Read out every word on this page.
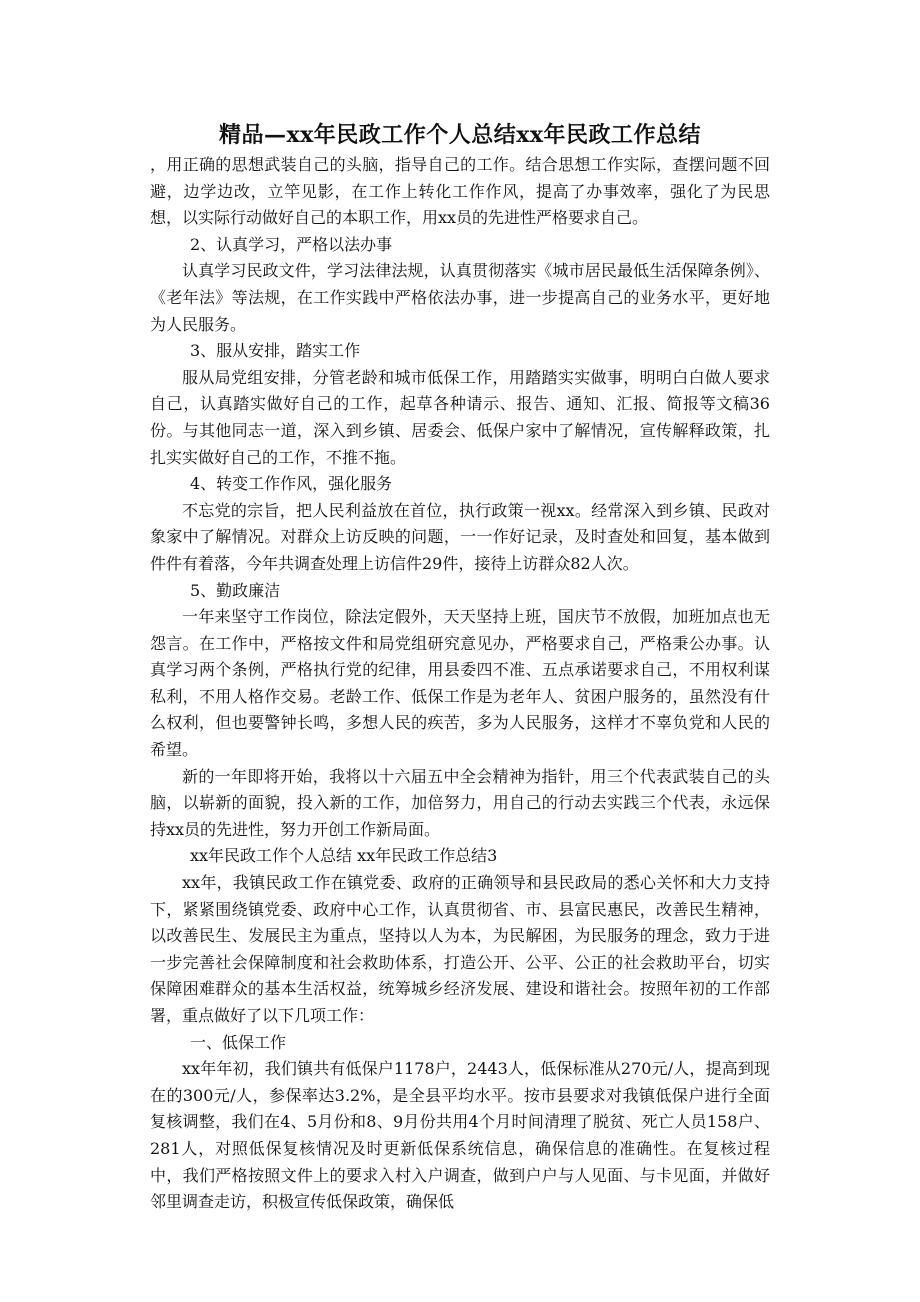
精品—xx年民政工作个人总结xx年民政工作总结

，用正确的思想武装自己的头脑，指导自己的工作。结合思想工作实际，查摆问题不回避，边学边改，立竿见影，在工作上转化工作作风，提高了办事效率，强化了为民思想，以实际行动做好自己的本职工作，用xx员的先进性严格要求自己。

2、认真学习，严格以法办事

认真学习民政文件，学习法律法规，认真贯彻落实《城市居民最低生活保障条例》、《老年法》等法规，在工作实践中严格依法办事，进一步提高自己的业务水平，更好地为人民服务。

3、服从安排，踏实工作

服从局党组安排，分管老龄和城市低保工作，用踏踏实实做事，明明白白做人要求自己，认真踏实做好自己的工作，起草各种请示、报告、通知、汇报、简报等文稿36份。与其他同志一道，深入到乡镇、居委会、低保户家中了解情况，宣传解释政策，扎扎实实做好自己的工作，不推不拖。

4、转变工作作风，强化服务

不忘党的宗旨，把人民利益放在首位，执行政策一视xx。经常深入到乡镇、民政对象家中了解情况。对群众上访反映的问题，一一作好记录，及时查处和回复，基本做到件件有着落，今年共调查处理上访信件29件，接待上访群众82人次。

5、勤政廉洁

一年来坚守工作岗位，除法定假外，天天坚持上班，国庆节不放假，加班加点也无怨言。在工作中，严格按文件和局党组研究意见办，严格要求自己，严格秉公办事。认真学习两个条例，严格执行党的纪律，用县委四不准、五点承诺要求自己，不用权利谋私利，不用人格作交易。老龄工作、低保工作是为老年人、贫困户服务的，虽然没有什么权利，但也要警钟长鸣，多想人民的疾苦，多为人民服务，这样才不辜负党和人民的希望。

新的一年即将开始，我将以十六届五中全会精神为指针，用三个代表武装自己的头脑，以崭新的面貌，投入新的工作，加倍努力，用自己的行动去实践三个代表，永远保持xx员的先进性，努力开创工作新局面。

xx年民政工作个人总结 xx年民政工作总结3

xx年，我镇民政工作在镇党委、政府的正确领导和县民政局的悉心关怀和大力支持下，紧紧围绕镇党委、政府中心工作，认真贯彻省、市、县富民惠民，改善民生精神，以改善民生、发展民主为重点，坚持以人为本，为民解困，为民服务的理念，致力于进一步完善社会保障制度和社会救助体系，打造公开、公平、公正的社会救助平台，切实保障困难群众的基本生活权益，统筹城乡经济发展、建设和谐社会。按照年初的工作部署，重点做好了以下几项工作：

一、低保工作

xx年年初，我们镇共有低保户1178户，2443人，低保标准从270元/人，提高到现在的300元/人，参保率达3.2%，是全县平均水平。按市县要求对我镇低保户进行全面复核调整，我们在4、5月份和8、9月份共用4个月时间清理了脱贫、死亡人员158户、281人，对照低保复核情况及时更新低保系统信息，确保信息的准确性。在复核过程中，我们严格按照文件上的要求入村入户调查，做到户户与人见面、与卡见面，并做好邻里调查走访，积极宣传低保政策，确保低
